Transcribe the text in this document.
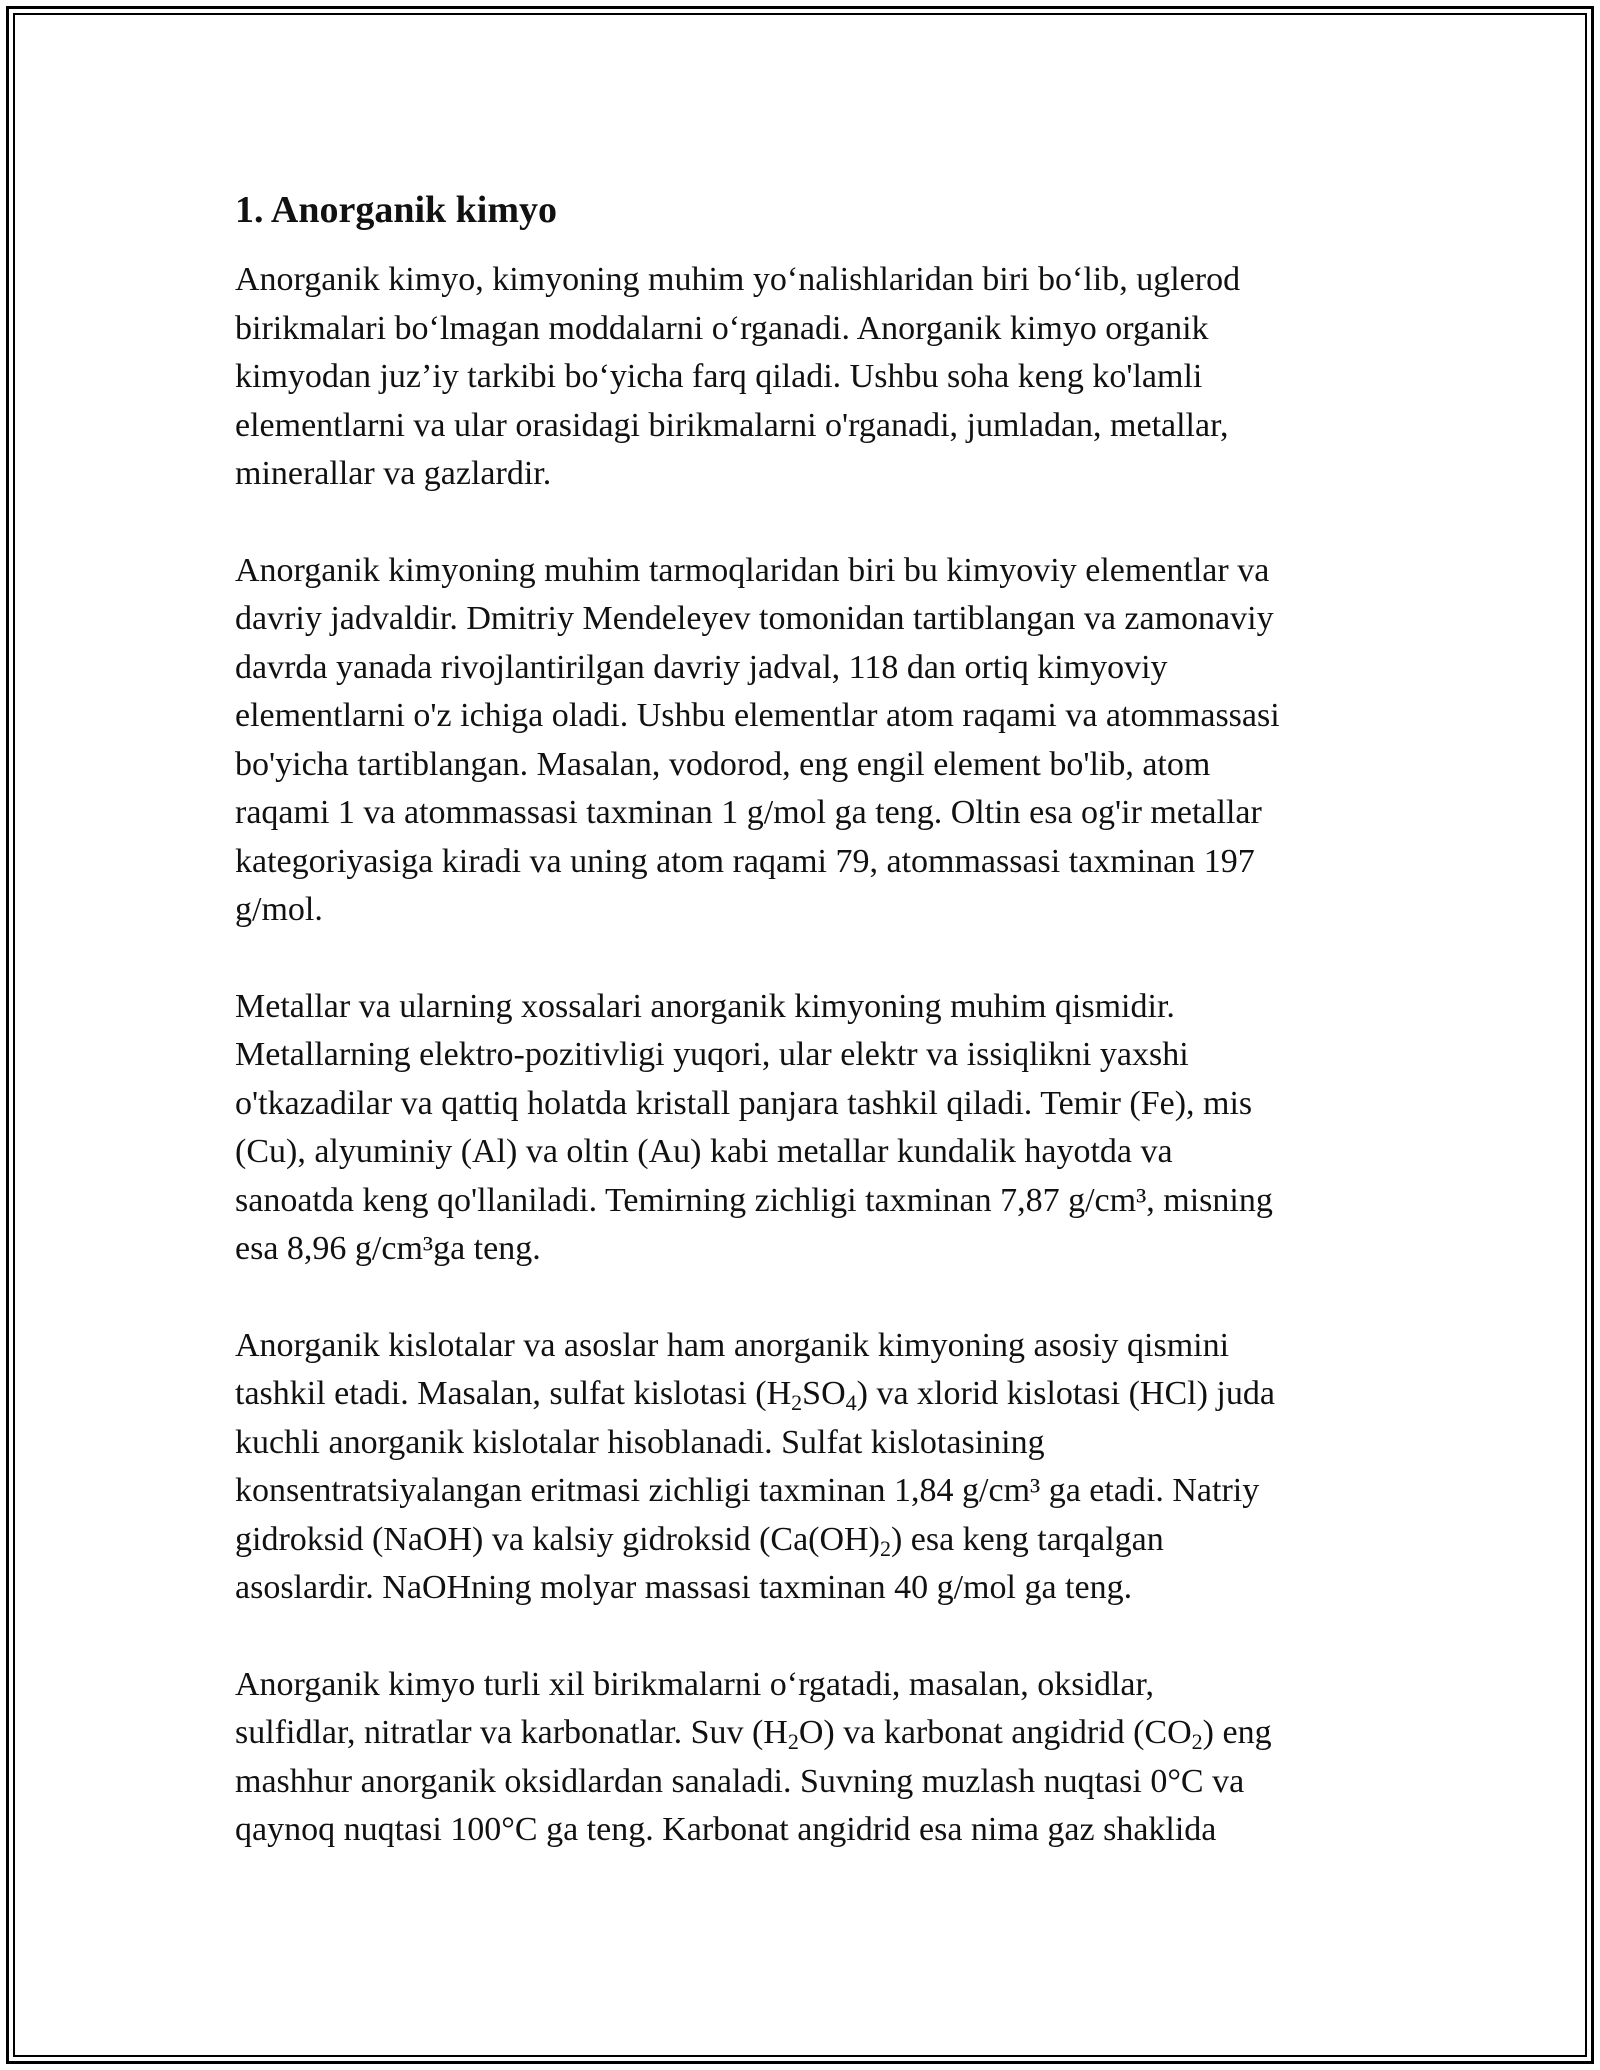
1. Anorganik kimyo
Anorganik kimyo, kimyoning muhim yo‘nalishlaridan biri bo‘lib, uglerod
birikmalari bo‘lmagan moddalarni o‘rganadi. Anorganik kimyo organik
kimyodan juz’iy tarkibi bo‘yicha farq qiladi. Ushbu soha keng ko'lamli
elementlarni va ular orasidagi birikmalarni o'rganadi, jumladan, metallar,
minerallar va gazlardir.
Anorganik kimyoning muhim tarmoqlaridan biri bu kimyoviy elementlar va
davriy jadvaldir. Dmitriy Mendeleyev tomonidan tartiblangan va zamonaviy
davrda yanada rivojlantirilgan davriy jadval, 118 dan ortiq kimyoviy
elementlarni o'z ichiga oladi. Ushbu elementlar atom raqami va atommassasi
bo'yicha tartiblangan. Masalan, vodorod, eng engil element bo'lib, atom
raqami 1 va atommassasi taxminan 1 g/mol ga teng. Oltin esa og'ir metallar
kategoriyasiga kiradi va uning atom raqami 79, atommassasi taxminan 197
g/mol.
Metallar va ularning xossalari anorganik kimyoning muhim qismidir.
Metallarning elektro-pozitivligi yuqori, ular elektr va issiqlikni yaxshi
o'tkazadilar va qattiq holatda kristall panjara tashkil qiladi. Temir (Fe), mis
(Cu), alyuminiy (Al) va oltin (Au) kabi metallar kundalik hayotda va
sanoatda keng qo'llaniladi. Temirning zichligi taxminan 7,87 g/cm³, misning
esa 8,96 g/cm³ga teng.
Anorganik kislotalar va asoslar ham anorganik kimyoning asosiy qismini
tashkil etadi. Masalan, sulfat kislotasi $(H_2SO_4)$ va xlorid kislotasi (HCl) juda
kuchli anorganik kislotalar hisoblanadi. Sulfat kislotasining
konsentratsiyalangan eritmasi zichligi taxminan 1,84 g/cm³ ga etadi. Natriy
gidroksid (NaOH) va kalsiy gidroksid $(Ca(OH)_2)$ esa keng tarqalgan
asoslardir. NaOHning molyar massasi taxminan 40 g/mol ga teng.
Anorganik kimyo turli xil birikmalarni o‘rgatadi, masalan, oksidlar,
sulfidlar, nitratlar va karbonatlar. Suv $(H_2O)$ va karbonat angidrid $(CO_2)$ eng
mashhur anorganik oksidlardan sanaladi. Suvning muzlash nuqtasi 0°C va
qaynoq nuqtasi 100°C ga teng. Karbonat angidrid esa nima gaz shaklida
